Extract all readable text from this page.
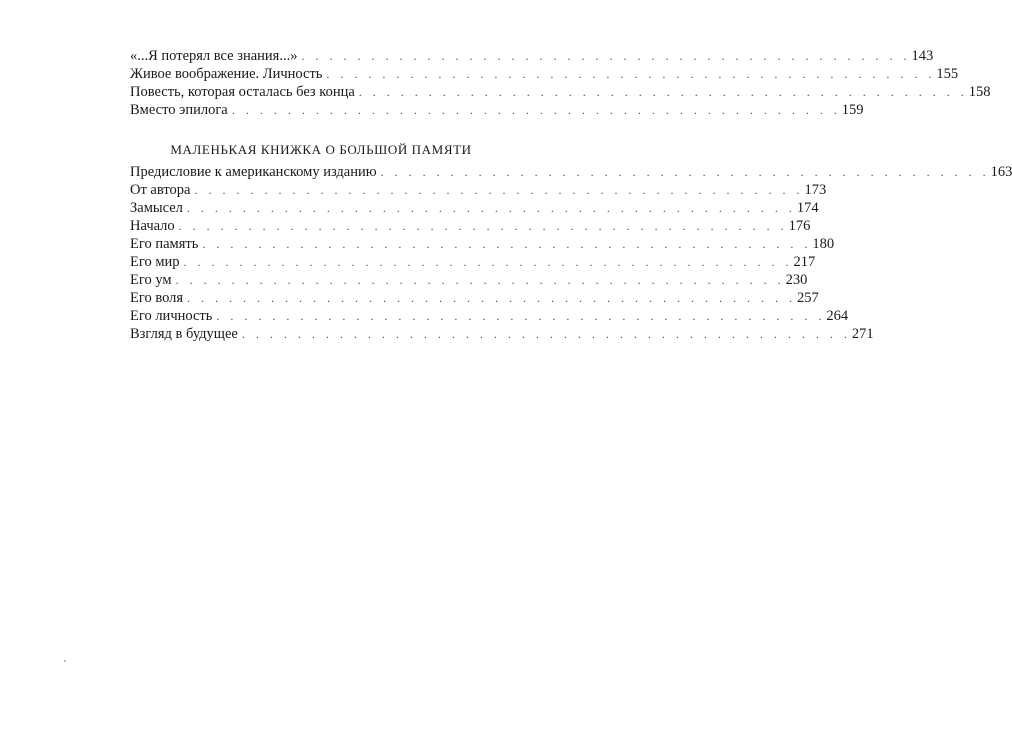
«...Я потерял все знания...» . . . . . . . . . . . . . . . . . . . . . . . . . . . . . . . . . . . . . . . . . . . . 143
Живое воображение. Личность . . . . . . . . . . . . . . . . . . . . . . . . . . . . . . . . . . . . . . . . . . . . 155
Повесть, которая осталась без конца . . . . . . . . . . . . . . . . . . . . . . . . . . . . . . . . . . . . . . . . . . . . 158
Вместо эпилога . . . . . . . . . . . . . . . . . . . . . . . . . . . . . . . . . . . . . . . . . . . . 159
МАЛЕНЬКАЯ КНИЖКА О БОЛЬШОЙ ПАМЯТИ
Предисловие к американскому изданию . . . . . . . . . . . . . . . . . . . . . . . . . . . . . . . . . . . . . . . . . . . . 163
От автора . . . . . . . . . . . . . . . . . . . . . . . . . . . . . . . . . . . . . . . . . . . . 173
Замысел . . . . . . . . . . . . . . . . . . . . . . . . . . . . . . . . . . . . . . . . . . . . 174
Начало . . . . . . . . . . . . . . . . . . . . . . . . . . . . . . . . . . . . . . . . . . . . 176
Его память . . . . . . . . . . . . . . . . . . . . . . . . . . . . . . . . . . . . . . . . . . . . 180
Его мир . . . . . . . . . . . . . . . . . . . . . . . . . . . . . . . . . . . . . . . . . . . . 217
Его ум . . . . . . . . . . . . . . . . . . . . . . . . . . . . . . . . . . . . . . . . . . . . 230
Его воля . . . . . . . . . . . . . . . . . . . . . . . . . . . . . . . . . . . . . . . . . . . . 257
Его личность . . . . . . . . . . . . . . . . . . . . . . . . . . . . . . . . . . . . . . . . . . . . 264
Взгляд в будущее . . . . . . . . . . . . . . . . . . . . . . . . . . . . . . . . . . . . . . . . . . . . 271
